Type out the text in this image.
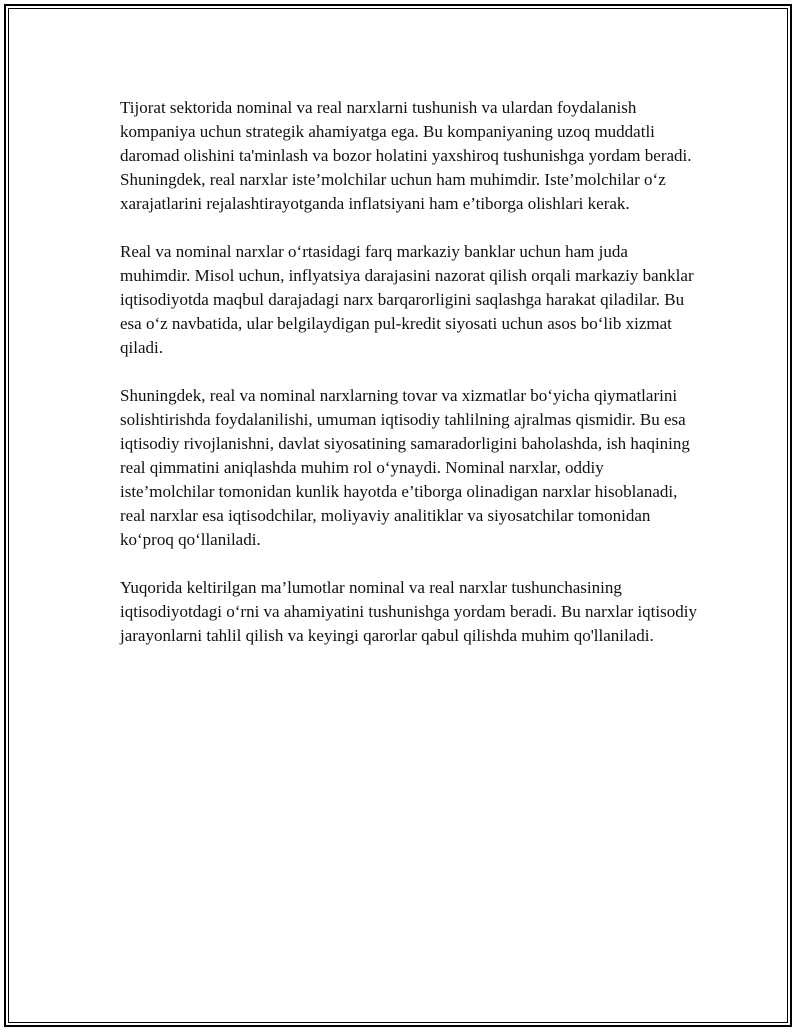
Tijorat sektorida nominal va real narxlarni tushunish va ulardan foydalanish kompaniya uchun strategik ahamiyatga ega. Bu kompaniyaning uzoq muddatli daromad olishini ta'minlash va bozor holatini yaxshiroq tushunishga yordam beradi. Shuningdek, real narxlar iste’molchilar uchun ham muhimdir. Iste’molchilar o‘z xarajatlarini rejalashtirayotganda inflatsiyani ham e’tiborga olishlari kerak.

Real va nominal narxlar o‘rtasidagi farq markaziy banklar uchun ham juda muhimdir. Misol uchun, inflyatsiya darajasini nazorat qilish orqali markaziy banklar iqtisodiyotda maqbul darajadagi narx barqarorligini saqlashga harakat qiladilar. Bu esa o‘z navbatida, ular belgilaydigan pul-kredit siyosati uchun asos bo‘lib xizmat qiladi.

Shuningdek, real va nominal narxlarning tovar va xizmatlar bo‘yicha qiymatlarini solishtirishda foydalanilishi, umuman iqtisodiy tahlilning ajralmas qismidir. Bu esa iqtisodiy rivojlanishni, davlat siyosatining samaradorligini baholashda, ish haqining real qimmatini aniqlashda muhim rol o‘ynaydi. Nominal narxlar, oddiy iste’molchilar tomonidan kunlik hayotda e’tiborga olinadigan narxlar hisoblanadi, real narxlar esa iqtisodchilar, moliyaviy analitiklar va siyosatchilar tomonidan ko‘proq qo‘llaniladi.

Yuqorida keltirilgan ma’lumotlar nominal va real narxlar tushunchasining iqtisodiyotdagi o‘rni va ahamiyatini tushunishga yordam beradi. Bu narxlar iqtisodiy jarayonlarni tahlil qilish va keyingi qarorlar qabul qilishda muhim qo'llaniladi.
